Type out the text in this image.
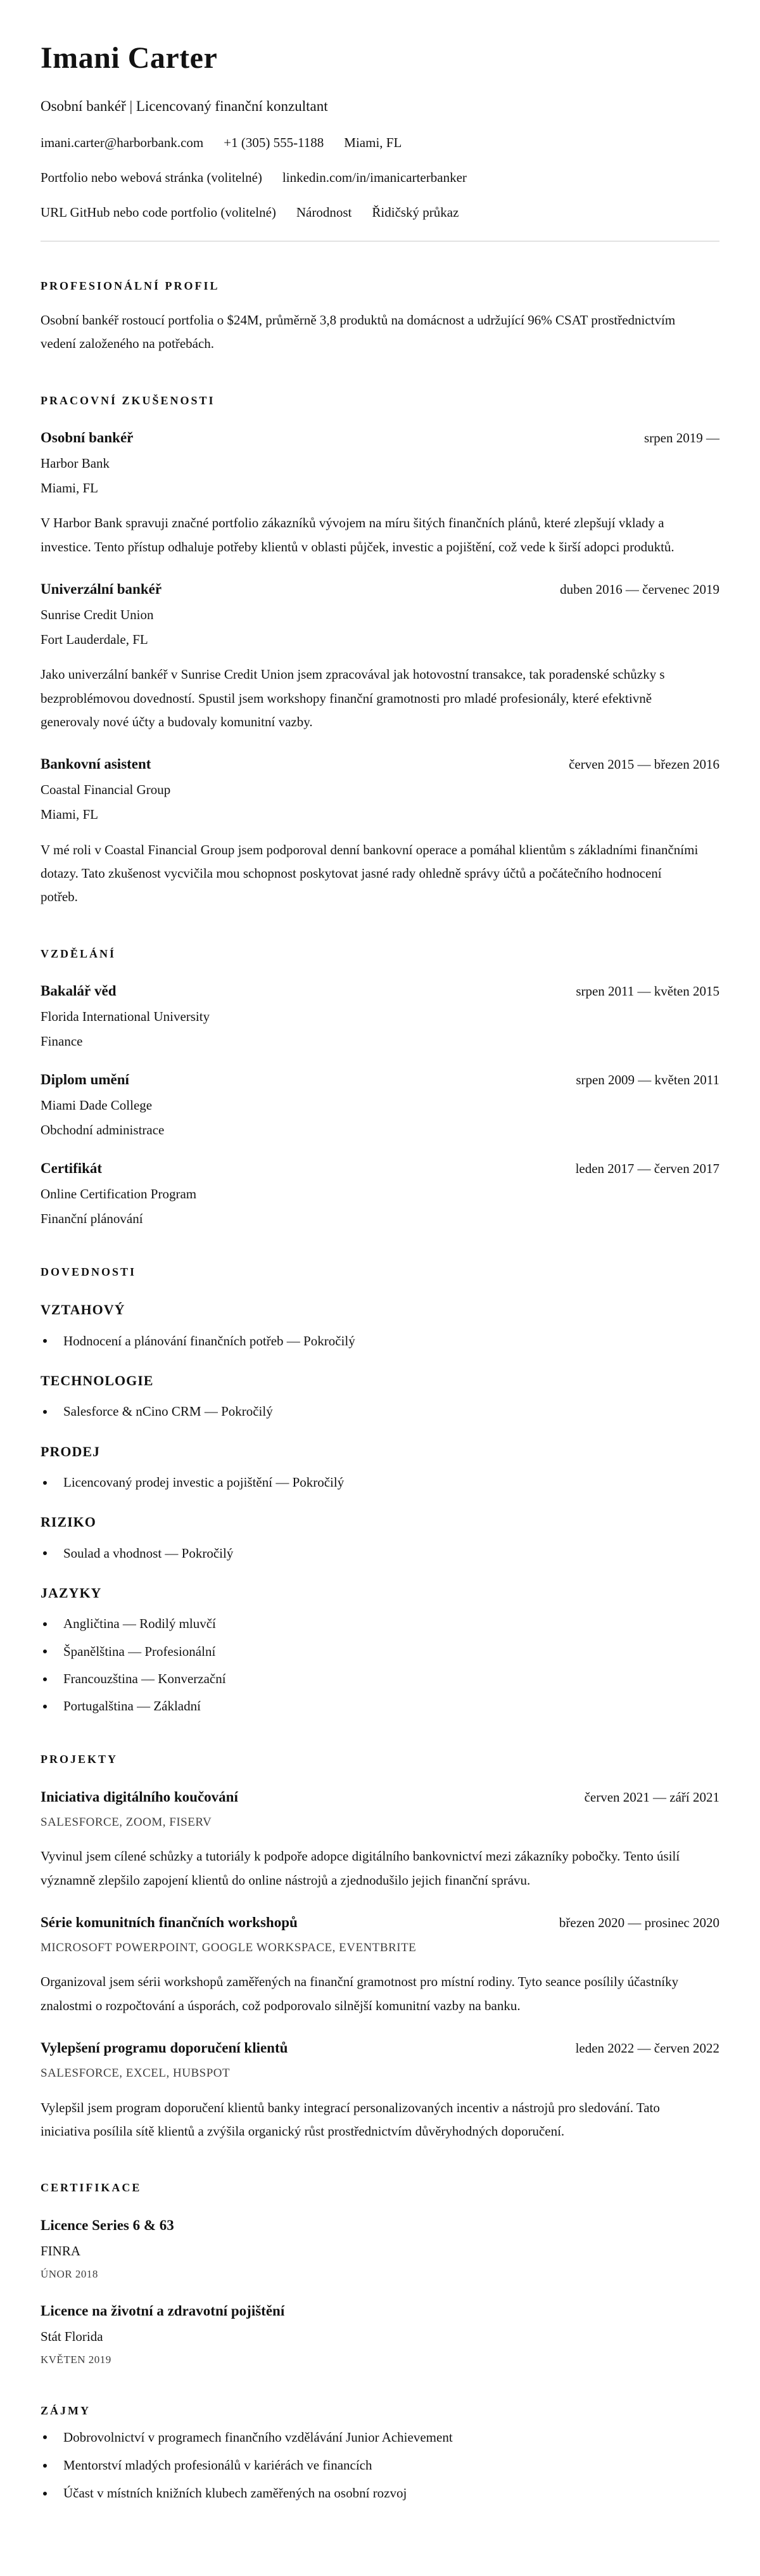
Imani Carter
Osobní bankéř | Licencovaný finanční konzultant
imani.carter@harborbank.com +1 (305) 555-1188 Miami, FL
Portfolio nebo webová stránka (volitelné) linkedin.com/in/imanicarterbanker
URL GitHub nebo code portfolio (volitelné) Národnost Řidičský průkaz
PROFESIONÁLNÍ PROFIL

Osobní bankéř rostoucí portfolia o $24M, průměrně 3,8 produktů na domácnost a udržující 96% CSAT prostřednictvím vedení založeného na potřebách.

PRACOVNÍ ZKUŠENOSTI
Osobní bankéř	srpen 2019 —
Harbor Bank
Miami, FL

V Harbor Bank spravuji značné portfolio zákazníků vývojem na míru šitých finančních plánů, které zlepšují vklady a investice. Tento přístup odhaluje potřeby klientů v oblasti půjček, investic a pojištění, což vede k širší adopci produktů.

Univerzální bankéř	duben 2016 — červenec 2019
Sunrise Credit Union
Fort Lauderdale, FL

Jako univerzální bankéř v Sunrise Credit Union jsem zpracovával jak hotovostní transakce, tak poradenské schůzky s bezproblémovou dovedností. Spustil jsem workshopy finanční gramotnosti pro mladé profesionály, které efektivně generovaly nové účty a budovaly komunitní vazby.

Bankovní asistent	červen 2015 — březen 2016
Coastal Financial Group
Miami, FL

V mé roli v Coastal Financial Group jsem podporoval denní bankovní operace a pomáhal klientům s základními finančními dotazy. Tato zkušenost vycvičila mou schopnost poskytovat jasné rady ohledně správy účtů a počátečního hodnocení potřeb.

VZDĚLÁNÍ
Bakalář věd	srpen 2011 — květen 2015
Florida International University
Finance
Diplom umění	srpen 2009 — květen 2011
Miami Dade College
Obchodní administrace
Certifikát	leden 2017 — červen 2017
Online Certification Program
Finanční plánování
DOVEDNOSTI
VZTAHOVÝ
Hodnocení a plánování finančních potřeb — Pokročilý
TECHNOLOGIE
Salesforce & nCino CRM — Pokročilý
PRODEJ
Licencovaný prodej investic a pojištění — Pokročilý
RIZIKO
Soulad a vhodnost — Pokročilý
JAZYKY
Angličtina — Rodilý mluvčí
Španělština — Profesionální
Francouzština — Konverzační
Portugalština — Základní
PROJEKTY
Iniciativa digitálního koučování	červen 2021 — září 2021
SALESFORCE, ZOOM, FISERV

Vyvinul jsem cílené schůzky a tutoriály k podpoře adopce digitálního bankovnictví mezi zákazníky pobočky. Tento úsilí významně zlepšilo zapojení klientů do online nástrojů a zjednodušilo jejich finanční správu.

Série komunitních finančních workshopů	březen 2020 — prosinec 2020
MICROSOFT POWERPOINT, GOOGLE WORKSPACE, EVENTBRITE

Organizoval jsem sérii workshopů zaměřených na finanční gramotnost pro místní rodiny. Tyto seance posílily účastníky znalostmi o rozpočtování a úsporách, což podporovalo silnější komunitní vazby na banku.

Vylepšení programu doporučení klientů	leden 2022 — červen 2022
SALESFORCE, EXCEL, HUBSPOT

Vylepšil jsem program doporučení klientů banky integrací personalizovaných incentiv a nástrojů pro sledování. Tato iniciativa posílila sítě klientů a zvýšila organický růst prostřednictvím důvěryhodných doporučení.

CERTIFIKACE
Licence Series 6 & 63
FINRA
ÚNOR 2018
Licence na životní a zdravotní pojištění
Stát Florida
KVĚTEN 2019
ZÁJMY
Dobrovolnictví v programech finančního vzdělávání Junior Achievement
Mentorství mladých profesionálů v kariérách ve financích
Účast v místních knižních klubech zaměřených na osobní rozvoj
